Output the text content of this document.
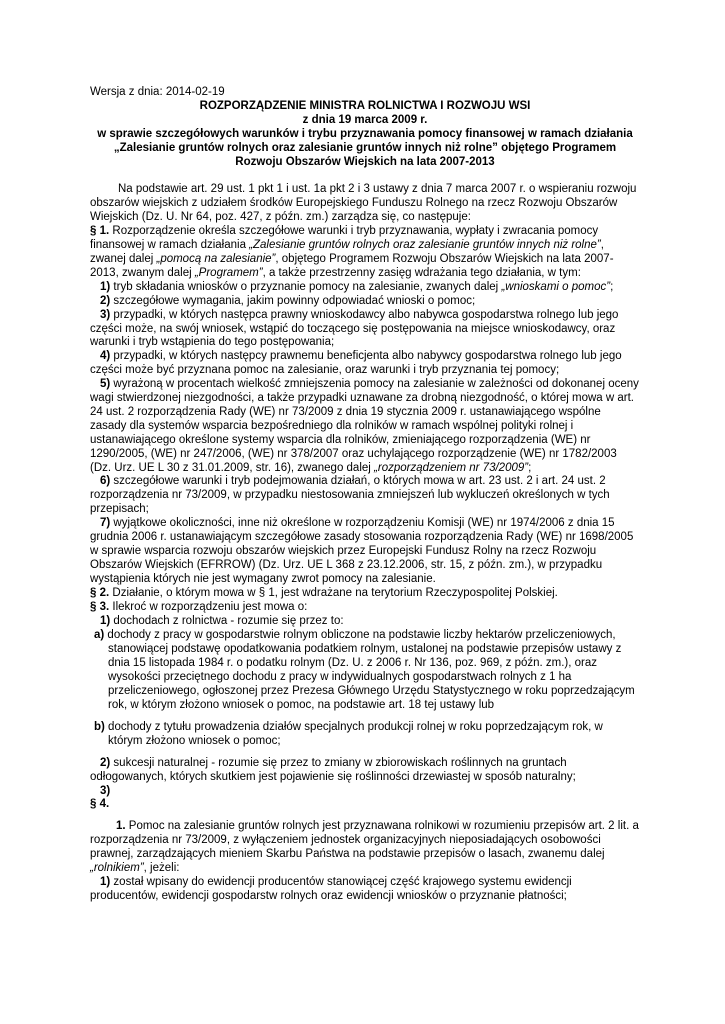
Wersja z dnia: 2014-02-19

ROZPORZĄDZENIE MINISTRA ROLNICTWA I ROZWOJU WSI

z dnia 19 marca 2009 r.

w sprawie szczegółowych warunków i trybu przyznawania pomocy finansowej w ramach działania „Zalesianie gruntów rolnych oraz zalesianie gruntów innych niż rolne” objętego Programem Rozwoju Obszarów Wiejskich na lata 2007-2013

Na podstawie art. 29 ust. 1 pkt 1 i ust. 1a pkt 2 i 3 ustawy z dnia 7 marca 2007 r. o wspieraniu rozwoju obszarów wiejskich z udziałem środków Europejskiego Funduszu Rolnego na rzecz Rozwoju Obszarów Wiejskich (Dz. U. Nr 64, poz. 427, z późn. zm.) zarządza się, co następuje:

§ 1. Rozporządzenie określa szczegółowe warunki i tryb przyznawania, wypłaty i zwracania pomocy finansowej w ramach działania „Zalesianie gruntów rolnych oraz zalesianie gruntów innych niż rolne”, zwanej dalej „pomocą na zalesianie”, objętego Programem Rozwoju Obszarów Wiejskich na lata 2007-2013, zwanym dalej „Programem”, a także przestrzenny zasięg wdrażania tego działania, w tym:

1) tryb składania wniosków o przyznanie pomocy na zalesianie, zwanych dalej „wnioskami o pomoc”;

2) szczegółowe wymagania, jakim powinny odpowiadać wnioski o pomoc;

3) przypadki, w których następca prawny wnioskodawcy albo nabywca gospodarstwa rolnego lub jego części może, na swój wniosek, wstąpić do toczącego się postępowania na miejsce wnioskodawcy, oraz warunki i tryb wstąpienia do tego postępowania;

4) przypadki, w których następcy prawnemu beneficjenta albo nabywcy gospodarstwa rolnego lub jego części może być przyznana pomoc na zalesianie, oraz warunki i tryb przyznania tej pomocy;

5) wyrażoną w procentach wielkość zmniejszenia pomocy na zalesianie w zależności od dokonanej oceny wagi stwierdzonej niezgodności, a także przypadki uznawane za drobną niezgodność, o której mowa w art. 24 ust. 2 rozporządzenia Rady (WE) nr 73/2009 z dnia 19 stycznia 2009 r. ustanawiającego wspólne zasady dla systemów wsparcia bezpośredniego dla rolników w ramach wspólnej polityki rolnej i ustanawiającego określone systemy wsparcia dla rolników, zmieniającego rozporządzenia (WE) nr 1290/2005, (WE) nr 247/2006, (WE) nr 378/2007 oraz uchylającego rozporządzenie (WE) nr 1782/2003 (Dz. Urz. UE L 30 z 31.01.2009, str. 16), zwanego dalej „rozporządzeniem nr 73/2009”;

6) szczegółowe warunki i tryb podejmowania działań, o których mowa w art. 23 ust. 2 i art. 24 ust. 2 rozporządzenia nr 73/2009, w przypadku niestosowania zmniejszeń lub wykluczeń określonych w tych przepisach;

7) wyjątkowe okoliczności, inne niż określone w rozporządzeniu Komisji (WE) nr 1974/2006 z dnia 15 grudnia 2006 r. ustanawiającym szczegółowe zasady stosowania rozporządzenia Rady (WE) nr 1698/2005 w sprawie wsparcia rozwoju obszarów wiejskich przez Europejski Fundusz Rolny na rzecz Rozwoju Obszarów Wiejskich (EFRROW) (Dz. Urz. UE L 368 z 23.12.2006, str. 15, z późn. zm.), w przypadku wystąpienia których nie jest wymagany zwrot pomocy na zalesianie.

§ 2. Działanie, o którym mowa w § 1, jest wdrażane na terytorium Rzeczypospolitej Polskiej.

§ 3. Ilekroć w rozporządzeniu jest mowa o:

1) dochodach z rolnictwa - rozumie się przez to:

a) dochody z pracy w gospodarstwie rolnym obliczone na podstawie liczby hektarów przeliczeniowych, stanowiącej podstawę opodatkowania podatkiem rolnym, ustalonej na podstawie przepisów ustawy z dnia 15 listopada 1984 r. o podatku rolnym (Dz. U. z 2006 r. Nr 136, poz. 969, z późn. zm.), oraz wysokości przeciętnego dochodu z pracy w indywidualnych gospodarstwach rolnych z 1 ha przeliczeniowego, ogłoszonej przez Prezesa Głównego Urzędu Statystycznego w roku poprzedzającym rok, w którym złożono wniosek o pomoc, na podstawie art. 18 tej ustawy lub

b) dochody z tytułu prowadzenia działów specjalnych produkcji rolnej w roku poprzedzającym rok, w którym złożono wniosek o pomoc;

2) sukcesji naturalnej - rozumie się przez to zmiany w zbiorowiskach roślinnych na gruntach odłogowanych, których skutkiem jest pojawienie się roślinności drzewiastej w sposób naturalny;

3)

§ 4.

1. Pomoc na zalesianie gruntów rolnych jest przyznawana rolnikowi w rozumieniu przepisów art. 2 lit. a rozporządzenia nr 73/2009, z wyłączeniem jednostek organizacyjnych nieposiadających osobowości prawnej, zarządzających mieniem Skarbu Państwa na podstawie przepisów o lasach, zwanemu dalej „rolnikiem”, jeżeli:

1) został wpisany do ewidencji producentów stanowiącej część krajowego systemu ewidencji producentów, ewidencji gospodarstw rolnych oraz ewidencji wniosków o przyznanie płatności;
